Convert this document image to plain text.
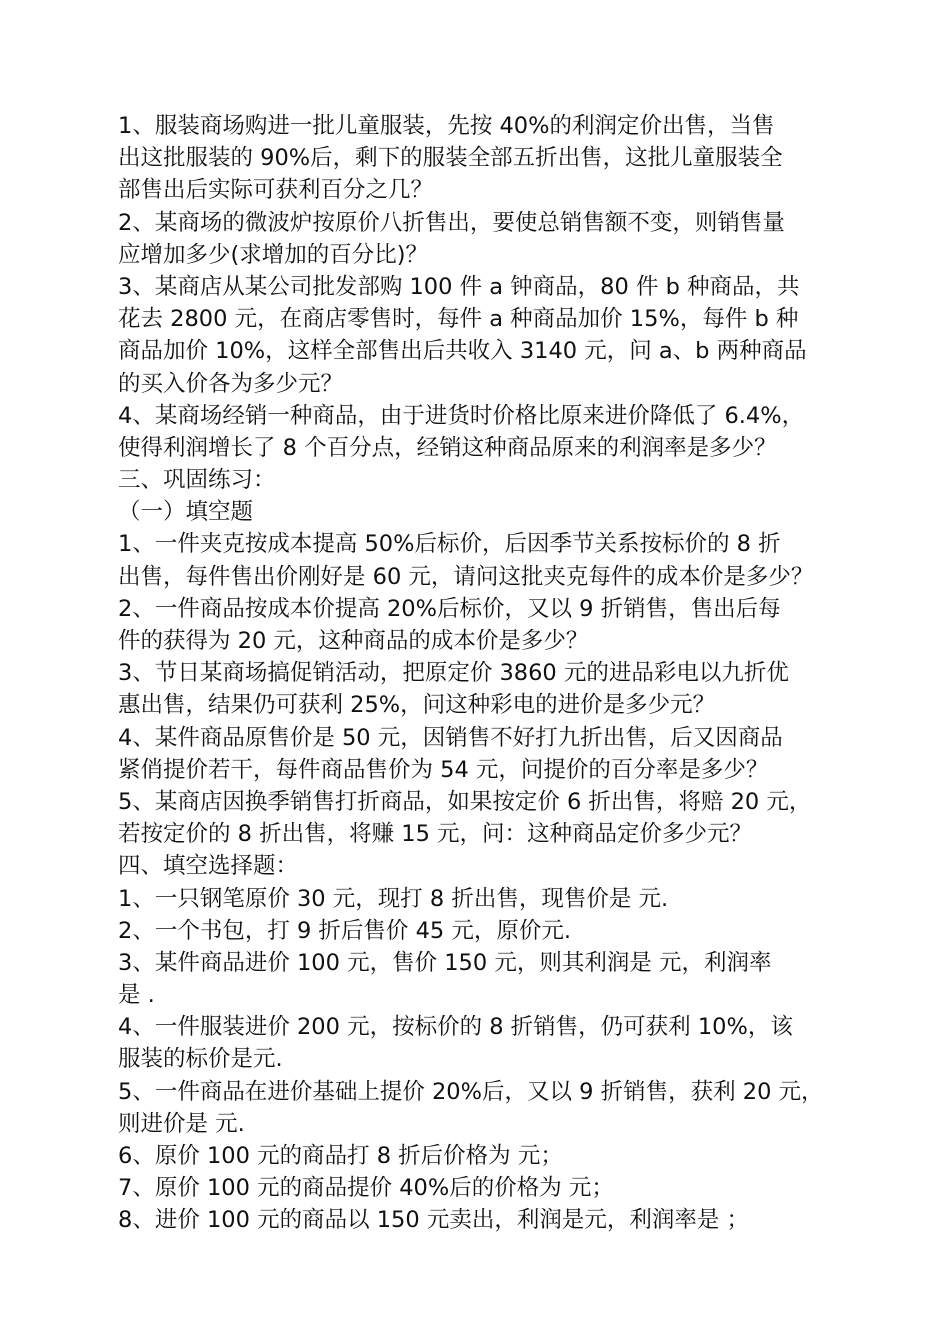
1、服装商场购进一批儿童服装，先按 40%的利润定价出售，当售
出这批服装的 90%后，剩下的服装全部五折出售，这批儿童服装全
部售出后实际可获利百分之几？
2、某商场的微波炉按原价八折售出，要使总销售额不变，则销售量
应增加多少(求增加的百分比)？
3、某商店从某公司批发部购 100 件 a 钟商品，80 件 b 种商品，共
花去 2800 元，在商店零售时，每件 a 种商品加价 15%，每件 b 种
商品加价 10%，这样全部售出后共收入 3140 元，问 a、b 两种商品
的买入价各为多少元？
4、某商场经销一种商品，由于进货时价格比原来进价降低了 6.4%，
使得利润增长了 8 个百分点，经销这种商品原来的利润率是多少？
三、巩固练习：
（一）填空题
1、一件夹克按成本提高 50%后标价，后因季节关系按标价的 8 折
出售，每件售出价刚好是 60 元，请问这批夹克每件的成本价是多少？
2、一件商品按成本价提高 20%后标价，又以 9 折销售，售出后每
件的获得为 20 元，这种商品的成本价是多少？
3、节日某商场搞促销活动，把原定价 3860 元的进品彩电以九折优
惠出售，结果仍可获利 25%，问这种彩电的进价是多少元？
4、某件商品原售价是 50 元，因销售不好打九折出售，后又因商品
紧俏提价若干，每件商品售价为 54 元，问提价的百分率是多少？
5、某商店因换季销售打折商品，如果按定价 6 折出售，将赔 20 元，
若按定价的 8 折出售，将赚 15 元，问：这种商品定价多少元？
四、填空选择题：
1、一只钢笔原价 30 元，现打 8 折出售，现售价是 元.
2、一个书包，打 9 折后售价 45 元，原价元.
3、某件商品进价 100 元，售价 150 元，则其利润是 元，利润率
是 .
4、一件服装进价 200 元，按标价的 8 折销售，仍可获利 10%，该
服装的标价是元.
5、一件商品在进价基础上提价 20%后，又以 9 折销售，获利 20 元，
则进价是 元.
6、原价 100 元的商品打 8 折后价格为 元；
7、原价 100 元的商品提价 40%后的价格为 元；
8、进价 100 元的商品以 150 元卖出，利润是元，利润率是 ；
